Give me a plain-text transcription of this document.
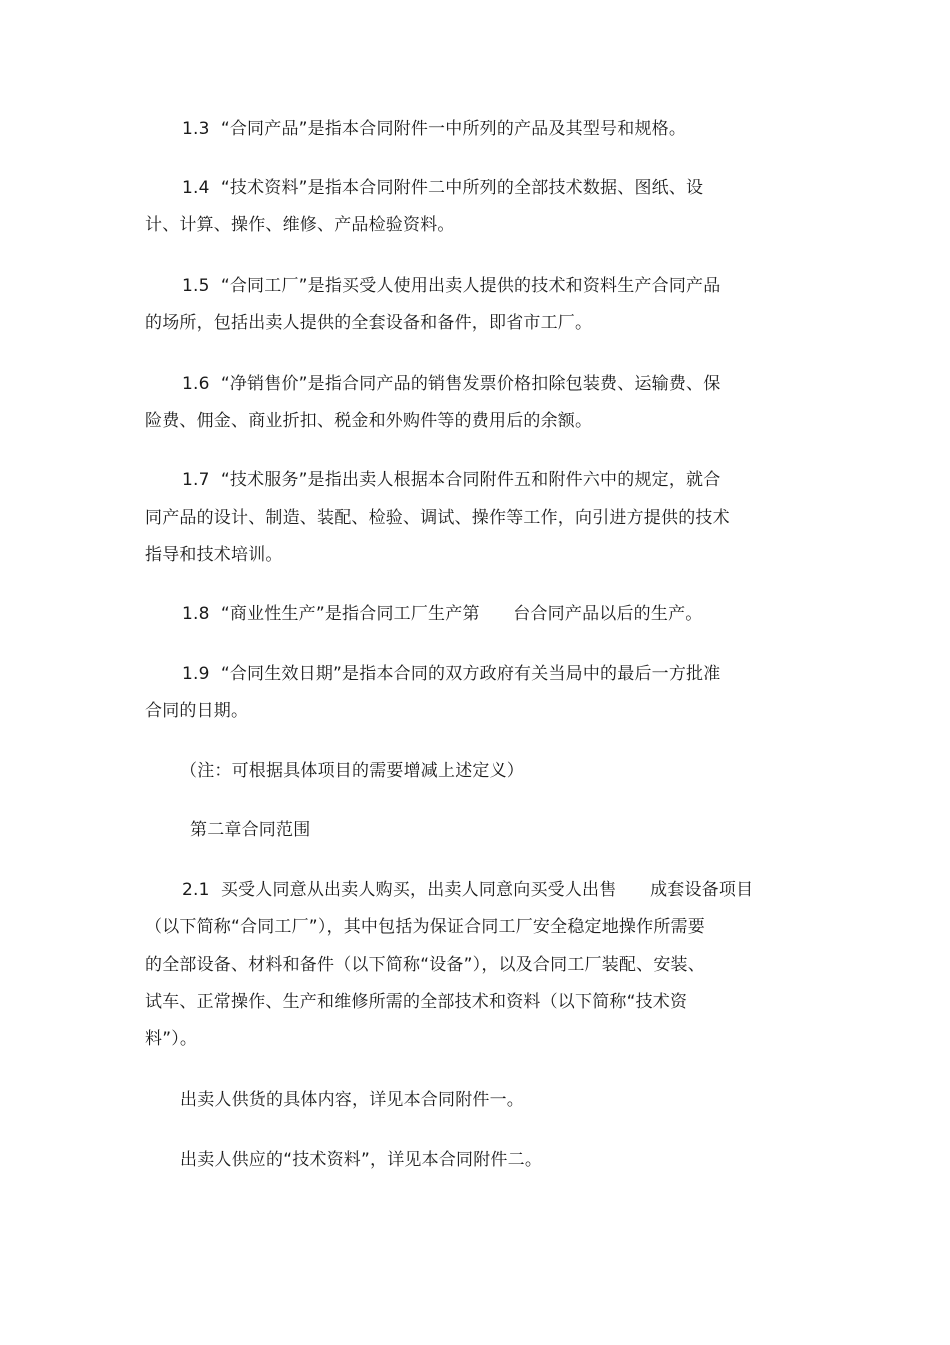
1.3  “合同产品”是指本合同附件一中所列的产品及其型号和规格。
1.4  “技术资料”是指本合同附件二中所列的全部技术数据、图纸、设
计、计算、操作、维修、产品检验资料。
1.5  “合同工厂”是指买受人使用出卖人提供的技术和资料生产合同产品
的场所，包括出卖人提供的全套设备和备件，即省市工厂。
1.6  “净销售价”是指合同产品的销售发票价格扣除包装费、运输费、保
险费、佣金、商业折扣、税金和外购件等的费用后的余额。
1.7  “技术服务”是指出卖人根据本合同附件五和附件六中的规定，就合
同产品的设计、制造、装配、检验、调试、操作等工作，向引进方提供的技术
指导和技术培训。
1.8  “商业性生产”是指合同工厂生产第      台合同产品以后的生产。
1.9  “合同生效日期”是指本合同的双方政府有关当局中的最后一方批准
合同的日期。
（注：可根据具体项目的需要增减上述定义）
第二章合同范围
2.1  买受人同意从出卖人购买，出卖人同意向买受人出售      成套设备项目
（以下简称“合同工厂”），其中包括为保证合同工厂安全稳定地操作所需要
的全部设备、材料和备件（以下简称“设备”），以及合同工厂装配、安装、
试车、正常操作、生产和维修所需的全部技术和资料（以下简称“技术资
料”）。
出卖人供货的具体内容，详见本合同附件一。
出卖人供应的“技术资料”，详见本合同附件二。
